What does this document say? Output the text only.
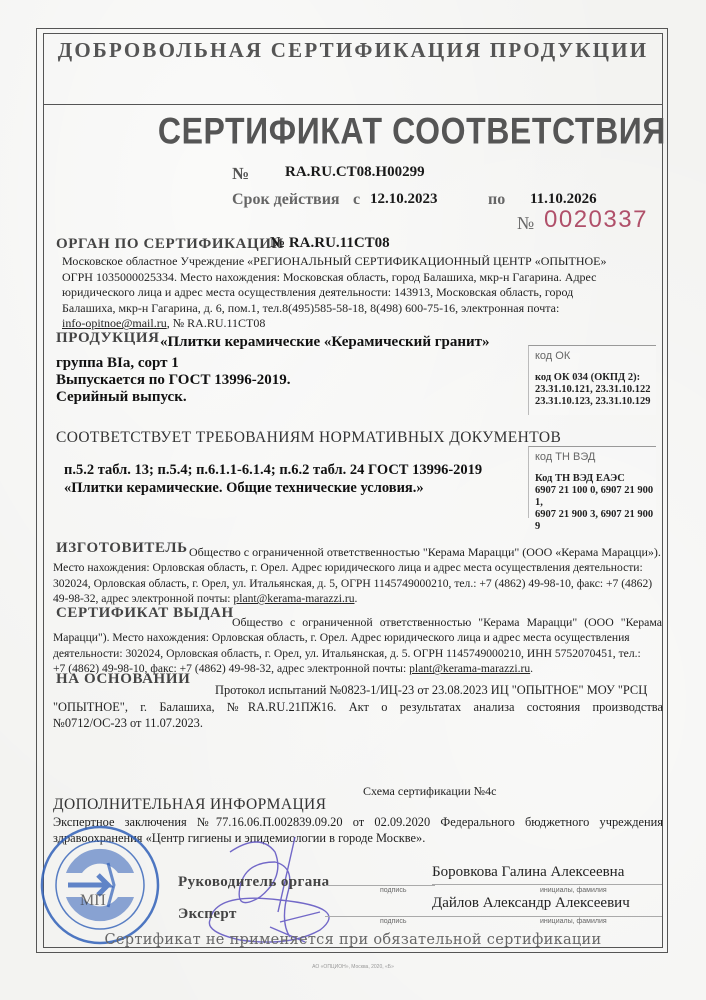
ДОБРОВОЛЬНАЯ СЕРТИФИКАЦИЯ ПРОДУКЦИИ
СЕРТИФИКАТ СООТВЕТСТВИЯ
№ RA.RU.CT08.H00299
Срок действия с 12.10.2023	по 11.10.2026
№ 0020337
ОРГАН ПО СЕРТИФИКАЦИИ
№ RA.RU.11CT08
Московское областное Учреждение «РЕГИОНАЛЬНЫЙ СЕРТИФИКАЦИОННЫЙ ЦЕНТР «ОПЫТНОЕ»
ОГРН 1035000025334. Место нахождения: Московская область, город Балашиха, мкр-н Гагарина. Адрес
юридического лица и адрес места осуществления деятельности: 143913, Московская область, город
Балашиха, мкр-н Гагарина, д. 6, пом.1, тел.8(495)585-58-18, 8(498) 600-75-16, электронная почта:
info-opitnoe@mail.ru, № RA.RU.11CT08
ПРОДУКЦИЯ «Плитки керамические «Керамический гранит»
группа BIa, сорт 1
Выпускается по ГОСТ 13996-2019.
Серийный выпуск.
код ОК
код ОК 034 (ОКПД 2):
23.31.10.121, 23.31.10.122
23.31.10.123, 23.31.10.129
СООТВЕТСТВУЕТ ТРЕБОВАНИЯМ НОРМАТИВНЫХ ДОКУМЕНТОВ
п.5.2 табл. 13; п.5.4; п.6.1.1-6.1.4; п.6.2 табл. 24 ГОСТ 13996-2019
«Плитки керамические. Общие технические условия.»
код ТН ВЭД
Код ТН ВЭД ЕАЭС
6907 21 100 0, 6907 21 900 1,
6907 21 900 3, 6907 21 900 9
ИЗГОТОВИТЕЛЬ Общество с ограниченной ответственностью "Керама Марацци" (ООО «Керама Марацци»).
Место нахождения: Орловская область, г. Орел. Адрес юридического лица и адрес места осуществления деятельности:
302024, Орловская область, г. Орел, ул. Итальянская, д. 5, ОГРН 1145749000210, тел.: +7 (4862) 49-98-10, факс: +7 (4862)
49-98-32, адрес электронной почты: plant@kerama-marazzi.ru.
СЕРТИФИКАТ ВЫДАН
Общество с ограниченной ответственностью "Керама Марацци" (ООО "Керама
Марацци"). Место нахождения: Орловская область, г. Орел. Адрес юридического лица и адрес места осуществления
деятельности: 302024, Орловская область, г. Орел, ул. Итальянская, д. 5. ОГРН 1145749000210, ИНН 5752070451, тел.:
+7 (4862) 49-98-10, факс: +7 (4862) 49-98-32, адрес электронной почты: plant@kerama-marazzi.ru.
НА ОСНОВАНИИ
Протокол испытаний №0823-1/ИЦ-23 от 23.08.2023 ИЦ "ОПЫТНОЕ" МОУ "РСЦ
"ОПЫТНОЕ", г. Балашиха, №RA.RU.21ПЖ16. Акт о результатах анализа состояния производства
№0712/ОС-23 от 11.07.2023.
Схема сертификации №4с
ДОПОЛНИТЕЛЬНАЯ ИНФОРМАЦИЯ
Экспертное заключения №77.16.06.П.002839.09.20 от 02.09.2020 Федерального бюджетного учреждения
здравоохранения «Центр гигиены и эпидемиологии в городе Москве».
МП
Руководитель органа
подпись
Боровкова Галина Алексеевна
инициалы, фамилия
Эксперт	подпись
Дайлов Александр Алексеевич
инициалы, фамилия
Сертификат не применяется при обязательной сертификации
АО «ОПЦИОН», Москва, 2020, «Б»
